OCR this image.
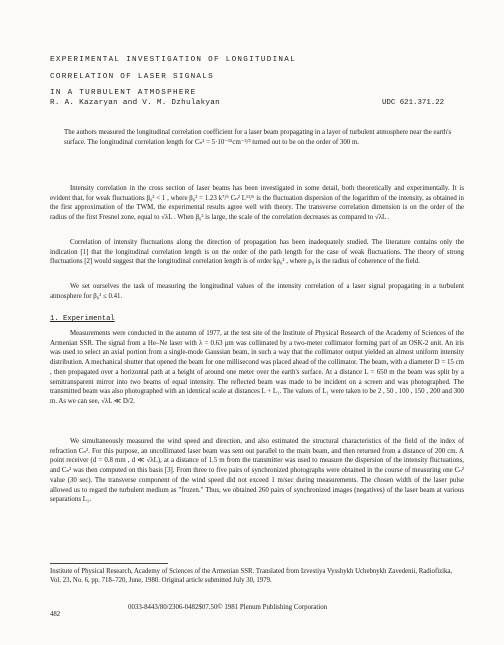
EXPERIMENTAL INVESTIGATION OF LONGITUDINAL
CORRELATION OF LASER SIGNALS
IN A TURBULENT ATMOSPHERE
R. A. Kazaryan and V. M. Dzhulakyan	UDC 621.371.22
The authors measured the longitudinal correlation coefficient for a laser beam propagating in a layer of turbulent atmosphere near the earth's surface. The longitudinal correlation length for Cₙ² = 5·10⁻¹⁵cm⁻²/³ turned out to be on the order of 300 m.

Intensity correlation in the cross section of laser beams has been investigated in some detail, both theoretically and experimentally. It is evident that, for weak fluctuations β₀² < 1 , where β₀² = 1.23 k⁷/⁶ Cₙ² L¹¹/⁶ is the fluctuation dispersion of the logarithm of the intensity, as obtained in the first approximation of the TWM, the experimental results agree well with theory. The transverse correlation dimension is on the order of the radius of the first Fresnel zone, equal to √λL . When β₀² is large, the scale of the correlation decreases as compared to √λL .

Correlation of intensity fluctuations along the direction of propagation has been inadequately studied. The literature contains only the indication [1] that the longitudinal correlation length is on the order of the path length for the case of weak fluctuations. The theory of strong fluctuations [2] would suggest that the longitudinal correlation length is of order kρ₀² , where ρ₀ is the radius of coherence of the field.

We set ourselves the task of measuring the longitudinal values of the intensity correlation of a laser signal propagating in a turbulent atmosphere for β₀² ≤ 0.41.

1. Experimental

Measurements were conducted in the autumn of 1977, at the test site of the Institute of Physical Research of the Academy of Sciences of the Armenian SSR. The signal from a He–Ne laser with λ = 0.63 μm was collimated by a two-meter collimator forming part of an OSK-2 unit. An iris was used to select an axial portion from a single-mode Gaussian beam, in such a way that the collimator output yielded an almost uniform intensity distribution. A mechanical shutter that opened the beam for one millisecond was placed ahead of the collimator. The beam, with a diameter D = 15 cm , then propagated over a horizontal path at a height of around one meter over the earth's surface. At a distance L = 650 m the beam was split by a semitransparent mirror into two beams of equal intensity. The reflected beam was made to be incident on a screen and was photographed. The transmitted beam was also photographed with an identical scale at distances L + L₁. The values of L₁ were taken to be 2 , 50 , 100 , 150 , 200 and 300 m. As we can see, √λL ≪ D/2.

We simultaneously measured the wind speed and direction, and also estimated the structural characteristics of the field of the index of refraction Cₙ². For this purpose, an uncollimated laser beam was sent out parallel to the main beam, and then returned from a distance of 200 cm. A point receiver (d = 0.8 mm , d ≪ √λL), at a distance of 1.5 m from the transmitter was used to measure the dispersion of the intensity fluctuations, and Cₙ² was then computed on this basis [3]. From three to five pairs of synchronized photographs were obtained in the course of measuring one Cₙ² value (30 sec). The transverse component of the wind speed did not exceed 1 m/sec during measurements. The chosen width of the laser pulse allowed us to regard the turbulent medium as "frozen." Thus, we obtained 260 pairs of synchronized images (negatives) of the laser beam at various separations L₁.

Institute of Physical Research, Academy of Sciences of the Armenian SSR. Translated from Izvestiya Vysshykh Uchebnykh Zavedenii, Radiofizika, Vol. 23, No. 6, pp. 718–720, June, 1980. Original article submitted July 30, 1979.
482
0033-8443/80/2306-0482$07.50© 1981 Plenum Publishing Corporation
